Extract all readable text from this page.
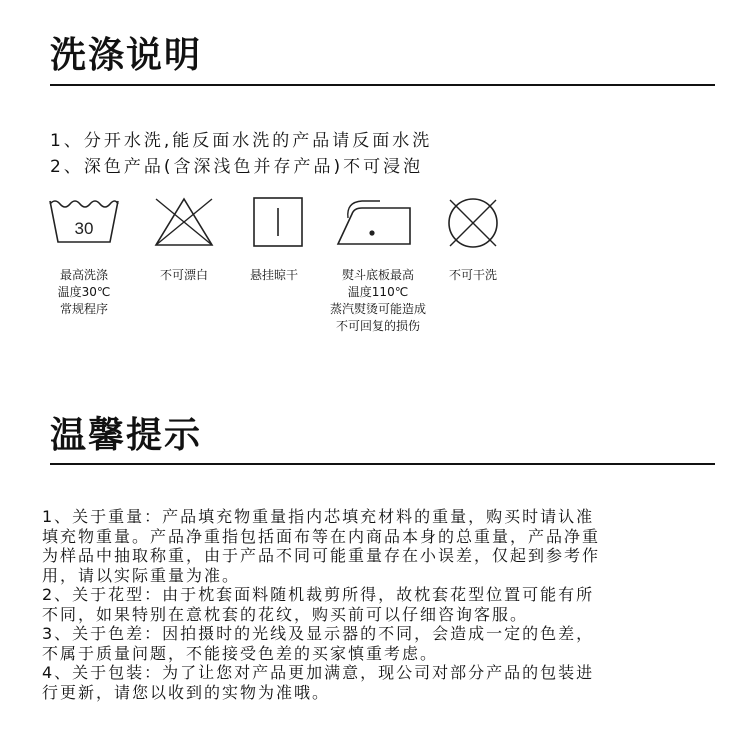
洗涤说明
1、分开水洗,能反面水洗的产品请反面水洗
2、深色产品(含深浅色并存产品)不可浸泡
30
最高洗涤
温度30℃
常规程序
不可漂白	悬挂晾干	熨斗底板最高
温度110℃
蒸汽熨烫可能造成
不可回复的损伤
不可干洗
温馨提示
1、关于重量：产品填充物重量指内芯填充材料的重量，购买时请认准
填充物重量。产品净重指包括面布等在内商品本身的总重量，产品净重
为样品中抽取称重，由于产品不同可能重量存在小误差，仅起到参考作
用，请以实际重量为准。
2、关于花型：由于枕套面料随机裁剪所得，故枕套花型位置可能有所
不同，如果特别在意枕套的花纹，购买前可以仔细咨询客服。
3、关于色差：因拍摄时的光线及显示器的不同，会造成一定的色差，
不属于质量问题，不能接受色差的买家慎重考虑。
4、关于包装：为了让您对产品更加满意，现公司对部分产品的包装进
行更新，请您以收到的实物为准哦。
